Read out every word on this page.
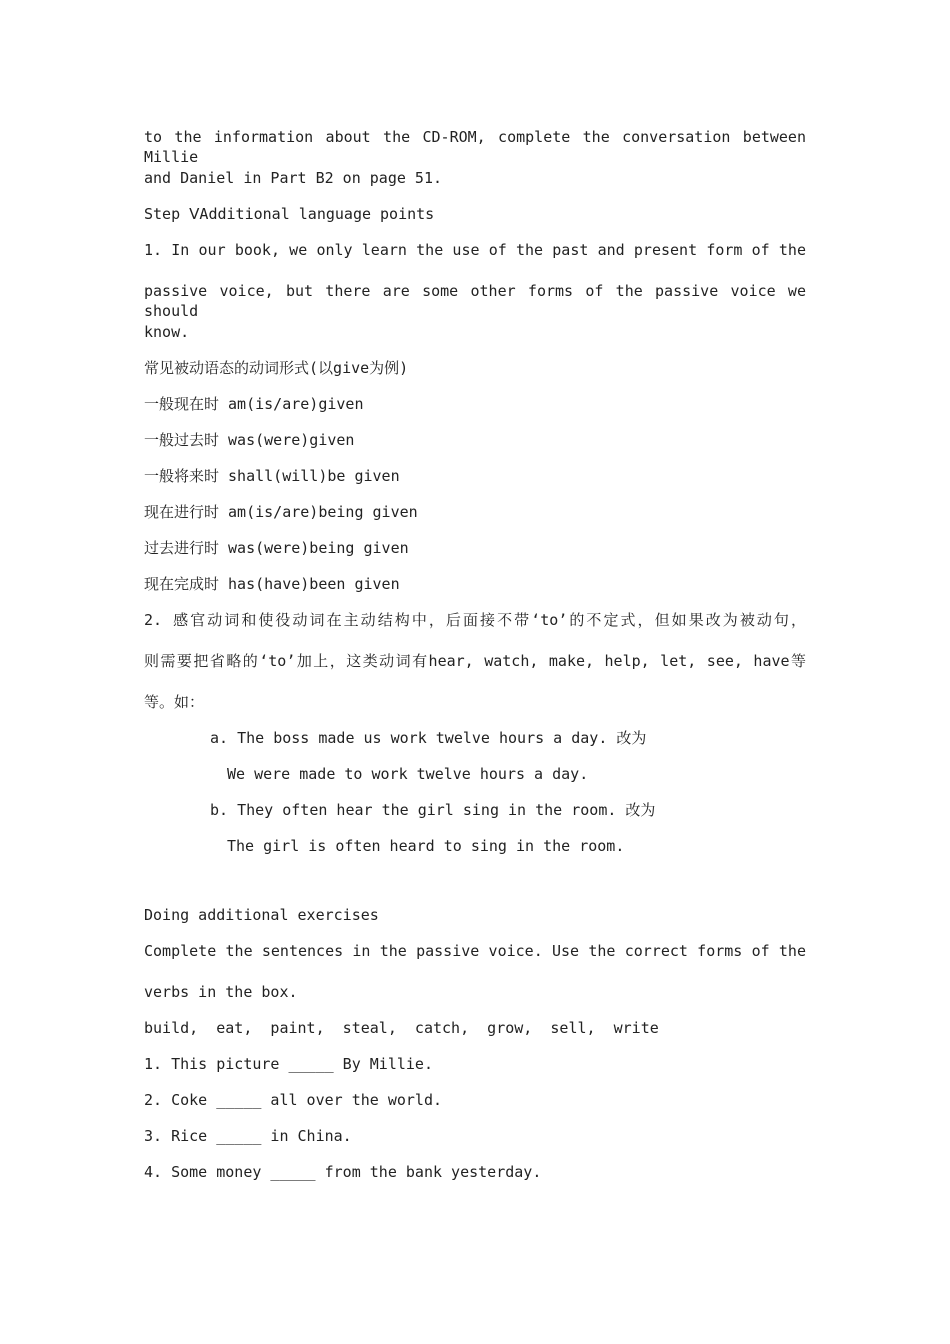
to the information about the CD-ROM, complete the conversation between Millie
and Daniel in Part B2 on page 51.
Step ⅤAdditional language points
1. In our book, we only learn the use of the past and present form of the
passive voice, but there are some other forms of the passive voice we should
know.
常见被动语态的动词形式(以give为例)
一般现在时 am(is/are)given
一般过去时 was(were)given
一般将来时 shall(will)be given
现在进行时 am(is/are)being given
过去进行时 was(were)being given
现在完成时 has(have)been given
2. 感官动词和使役动词在主动结构中，后面接不带‘to’的不定式，但如果改为被动句，
则需要把省略的‘to’加上，这类动词有hear, watch, make, help, let, see, have等
等。如：
a. The boss made us work twelve hours a day. 改为
We were made to work twelve hours a day.
b. They often hear the girl sing in the room. 改为
The girl is often heard to sing in the room.
Doing additional exercises
Complete the sentences in the passive voice. Use the correct forms of the
verbs in the box.
build,  eat,  paint,  steal,  catch,  grow,  sell,  write
1. This picture _____ By Millie.
2. Coke _____ all over the world.
3. Rice _____ in China.
4. Some money _____ from the bank yesterday.
